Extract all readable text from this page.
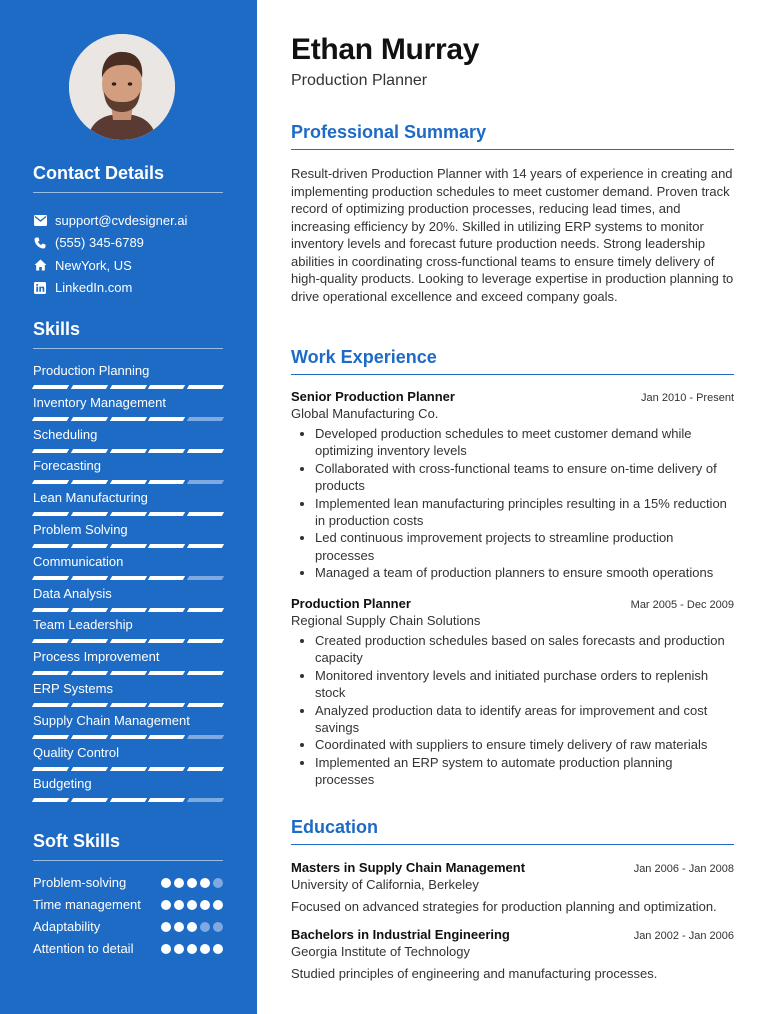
Contact Details
support@cvdesigner.ai
(555) 345-6789
NewYork, US
LinkedIn.com
Skills
Production Planning
Inventory Management
Scheduling
Forecasting
Lean Manufacturing
Problem Solving
Communication
Data Analysis
Team Leadership
Process Improvement
ERP Systems
Supply Chain Management
Quality Control
Budgeting
Soft Skills
Problem-solving
Time management
Adaptability
Attention to detail
Ethan Murray
Production Planner
Professional Summary
Result-driven Production Planner with 14 years of experience in creating and implementing production schedules to meet customer demand. Proven track record of optimizing production processes, reducing lead times, and increasing efficiency by 20%. Skilled in utilizing ERP systems to monitor inventory levels and forecast future production needs. Strong leadership abilities in coordinating cross-functional teams to ensure timely delivery of high-quality products. Looking to leverage expertise in production planning to drive operational excellence and exceed company goals.
Work Experience
Senior Production Planner	Jan 2010 - Present
Global Manufacturing Co.
• Developed production schedules to meet customer demand while optimizing inventory levels
• Collaborated with cross-functional teams to ensure on-time delivery of products
• Implemented lean manufacturing principles resulting in a 15% reduction in production costs
• Led continuous improvement projects to streamline production processes
• Managed a team of production planners to ensure smooth operations
Production Planner	Mar 2005 - Dec 2009
Regional Supply Chain Solutions
• Created production schedules based on sales forecasts and production capacity
• Monitored inventory levels and initiated purchase orders to replenish stock
• Analyzed production data to identify areas for improvement and cost savings
• Coordinated with suppliers to ensure timely delivery of raw materials
• Implemented an ERP system to automate production planning processes
Education
Masters in Supply Chain Management	Jan 2006 - Jan 2008
University of California, Berkeley
Focused on advanced strategies for production planning and optimization.
Bachelors in Industrial Engineering	Jan 2002 - Jan 2006
Georgia Institute of Technology
Studied principles of engineering and manufacturing processes.
